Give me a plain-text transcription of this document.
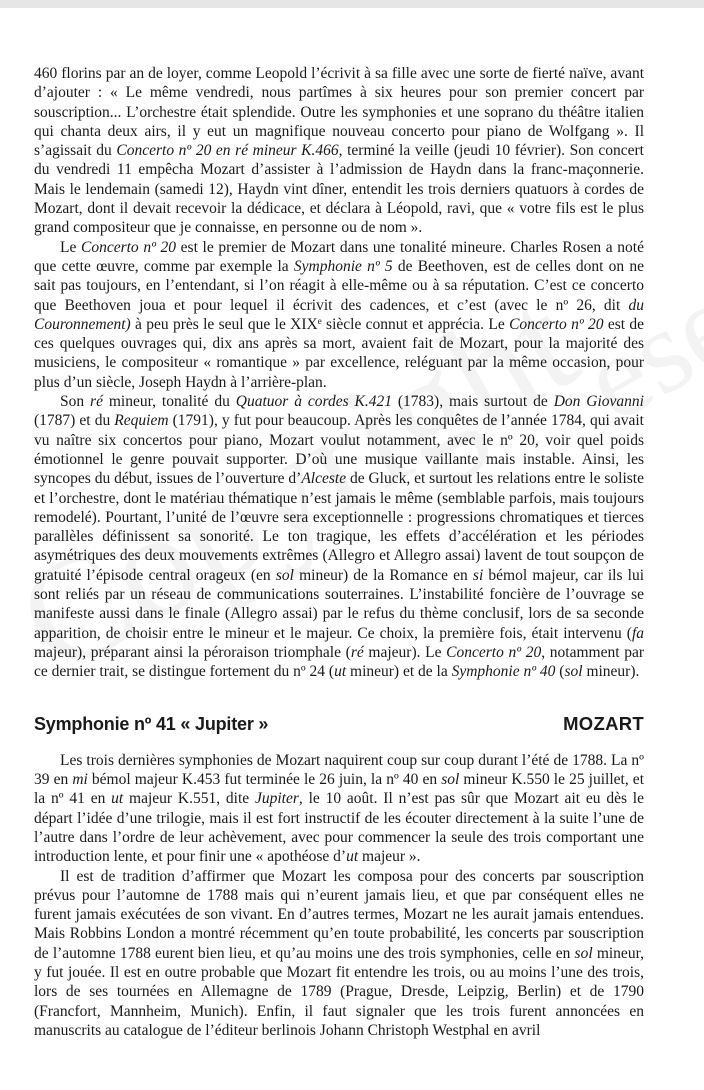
460 florins par an de loyer, comme Leopold l’écrivit à sa fille avec une sorte de fierté naïve, avant d’ajouter : « Le même vendredi, nous partîmes à six heures pour son premier concert par souscription... L’orchestre était splendide. Outre les symphonies et une soprano du théâtre italien qui chanta deux airs, il y eut un magnifique nouveau concerto pour piano de Wolfgang ». Il s’agissait du Concerto nº 20 en ré mineur K.466, terminé la veille (jeudi 10 février). Son concert du vendredi 11 empêcha Mozart d’assister à l’admission de Haydn dans la franc-maçonnerie. Mais le lendemain (samedi 12), Haydn vint dîner, entendit les trois derniers quatuors à cordes de Mozart, dont il devait recevoir la dédicace, et déclara à Léopold, ravi, que « votre fils est le plus grand compositeur que je connaisse, en personne ou de nom ».

Le Concerto nº 20 est le premier de Mozart dans une tonalité mineure. Charles Rosen a noté que cette œuvre, comme par exemple la Symphonie nº 5 de Beethoven, est de celles dont on ne sait pas toujours, en l’entendant, si l’on réagit à elle-même ou à sa réputation. C’est ce concerto que Beethoven joua et pour lequel il écrivit des cadences, et c’est (avec le nº 26, dit du Couronnement) à peu près le seul que le XIXe siècle connut et apprécia. Le Concerto nº 20 est de ces quelques ouvrages qui, dix ans après sa mort, avaient fait de Mozart, pour la majorité des musiciens, le compositeur « romantique » par excellence, reléguant par la même occasion, pour plus d’un siècle, Joseph Haydn à l’arrière-plan.

Son ré mineur, tonalité du Quatuor à cordes K.421 (1783), mais surtout de Don Giovanni (1787) et du Requiem (1791), y fut pour beaucoup. Après les conquêtes de l’année 1784, qui avait vu naître six concertos pour piano, Mozart voulut notamment, avec le nº 20, voir quel poids émotionnel le genre pouvait supporter. D’où une musique vaillante mais instable. Ainsi, les syncopes du début, issues de l’ouverture d’Alceste de Gluck, et surtout les relations entre le soliste et l’orchestre, dont le matériau thématique n’est jamais le même (semblable parfois, mais toujours remodelé). Pourtant, l’unité de l’œuvre sera exceptionnelle : progressions chromatiques et tierces parallèles définissent sa sonorité. Le ton tragique, les effets d’accélération et les périodes asymétriques des deux mouvements extrêmes (Allegro et Allegro assai) lavent de tout soupçon de gratuité l’épisode central orageux (en sol mineur) de la Romance en si bémol majeur, car ils lui sont reliés par un réseau de communications souterraines. L’instabilité foncière de l’ouvrage se manifeste aussi dans le finale (Allegro assai) par le refus du thème conclusif, lors de sa seconde apparition, de choisir entre le mineur et le majeur. Ce choix, la première fois, était intervenu (fa majeur), préparant ainsi la péroraison triomphale (ré majeur). Le Concerto nº 20, notamment par ce dernier trait, se distingue fortement du nº 24 (ut mineur) et de la Symphonie nº 40 (sol mineur).

Symphonie nº 41 « Jupiter »	MOZART

Les trois dernières symphonies de Mozart naquirent coup sur coup durant l’été de 1788. La nº 39 en mi bémol majeur K.453 fut terminée le 26 juin, la nº 40 en sol mineur K.550 le 25 juillet, et la nº 41 en ut majeur K.551, dite Jupiter, le 10 août. Il n’est pas sûr que Mozart ait eu dès le départ l’idée d’une trilogie, mais il est fort instructif de les écouter directement à la suite l’une de l’autre dans l’ordre de leur achèvement, avec pour commencer la seule des trois comportant une introduction lente, et pour finir une « apothéose d’ut majeur ».

Il est de tradition d’affirmer que Mozart les composa pour des concerts par souscription prévus pour l’automne de 1788 mais qui n’eurent jamais lieu, et que par conséquent elles ne furent jamais exécutées de son vivant. En d’autres termes, Mozart ne les aurait jamais entendues. Mais Robbins London a montré récemment qu’en toute probabilité, les concerts par souscription de l’automne 1788 eurent bien lieu, et qu’au moins une des trois symphonies, celle en sol mineur, y fut jouée. Il est en outre probable que Mozart fit entendre les trois, ou au moins l’une des trois, lors de ses tournées en Allemagne de 1789 (Prague, Dresde, Leipzig, Berlin) et de 1790 (Francfort, Mannheim, Munich). Enfin, il faut signaler que les trois furent annoncées en manuscrits au catalogue de l’éditeur berlinois Johann Christoph Westphal en avril
